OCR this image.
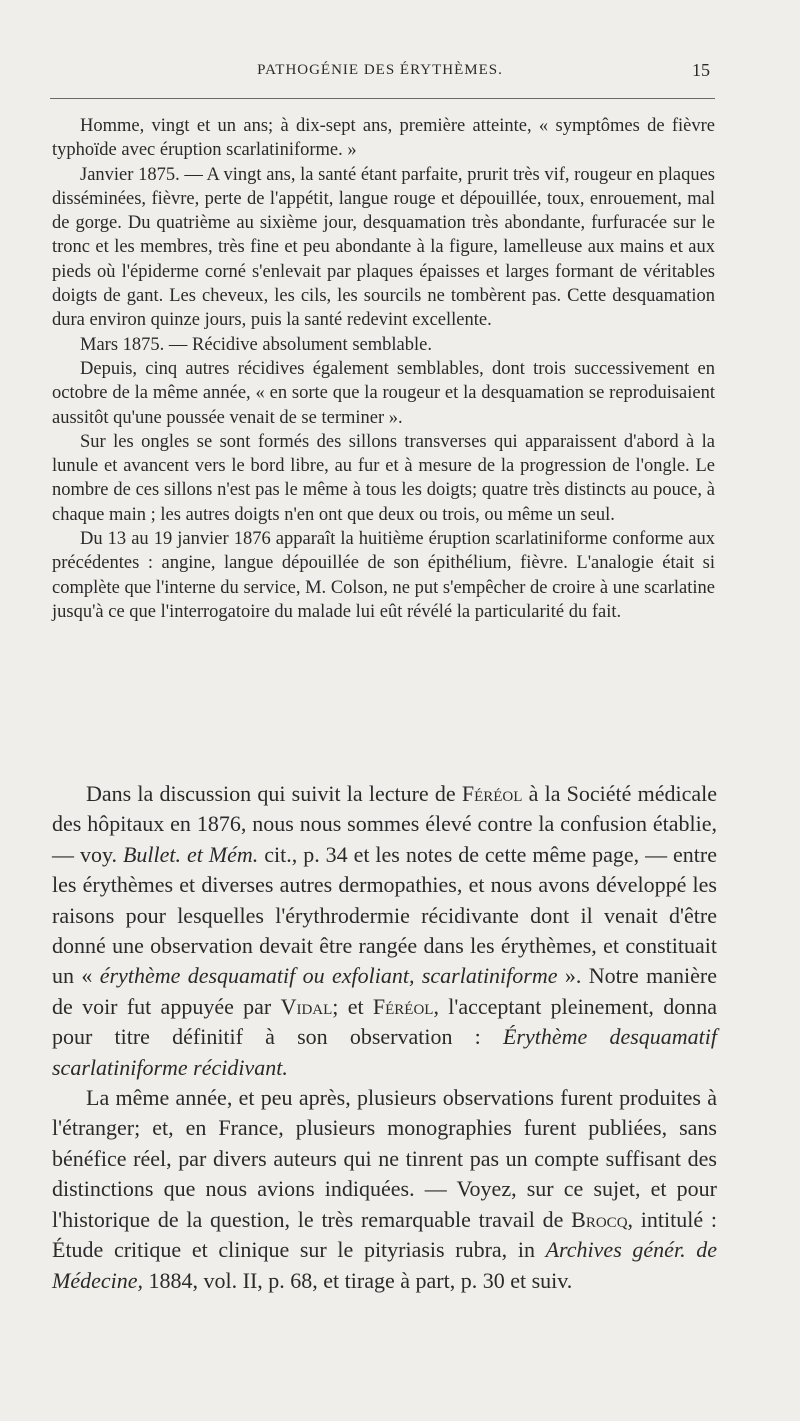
PATHOGÉNIE DES ÉRYTHÈMES.	15

Homme, vingt et un ans; à dix-sept ans, première atteinte, « symptômes de fièvre typhoïde avec éruption scarlatiniforme. »

Janvier 1875. — A vingt ans, la santé étant parfaite, prurit très vif, rougeur en plaques disséminées, fièvre, perte de l'appétit, langue rouge et dépouillée, toux, enrouement, mal de gorge. Du quatrième au sixième jour, desquamation très abondante, furfuracée sur le tronc et les membres, très fine et peu abondante à la figure, lamelleuse aux mains et aux pieds où l'épiderme corné s'enlevait par plaques épaisses et larges formant de véritables doigts de gant. Les cheveux, les cils, les sourcils ne tombèrent pas. Cette desquamation dura environ quinze jours, puis la santé redevint excellente.

Mars 1875. — Récidive absolument semblable.

Depuis, cinq autres récidives également semblables, dont trois successivement en octobre de la même année, « en sorte que la rougeur et la desquamation se reproduisaient aussitôt qu'une poussée venait de se terminer ».

Sur les ongles se sont formés des sillons transverses qui apparaissent d'abord à la lunule et avancent vers le bord libre, au fur et à mesure de la progression de l'ongle. Le nombre de ces sillons n'est pas le même à tous les doigts; quatre très distincts au pouce, à chaque main ; les autres doigts n'en ont que deux ou trois, ou même un seul.

Du 13 au 19 janvier 1876 apparaît la huitième éruption scarlatiniforme conforme aux précédentes : angine, langue dépouillée de son épithélium, fièvre. L'analogie était si complète que l'interne du service, M. Colson, ne put s'empêcher de croire à une scarlatine jusqu'à ce que l'interrogatoire du malade lui eût révélé la particularité du fait.

Dans la discussion qui suivit la lecture de Féréol à la Société médicale des hôpitaux en 1876, nous nous sommes élevé contre la confusion établie, — voy. Bullet. et Mém. cit., p. 34 et les notes de cette même page, — entre les érythèmes et diverses autres dermopathies, et nous avons développé les raisons pour lesquelles l'érythrodermie récidivante dont il venait d'être donné une observation devait être rangée dans les érythèmes, et constituait un « érythème desquamatif ou exfoliant, scarlatiniforme ». Notre manière de voir fut appuyée par Vidal; et Féréol, l'acceptant pleinement, donna pour titre définitif à son observation : Érythème desquamatif scarlatiniforme récidivant.

La même année, et peu après, plusieurs observations furent produites à l'étranger; et, en France, plusieurs monographies furent publiées, sans bénéfice réel, par divers auteurs qui ne tinrent pas un compte suffisant des distinctions que nous avions indiquées. — Voyez, sur ce sujet, et pour l'historique de la question, le très remarquable travail de Brocq, intitulé : Étude critique et clinique sur le pityriasis rubra, in Archives génér. de Médecine, 1884, vol. II, p. 68, et tirage à part, p. 30 et suiv.
